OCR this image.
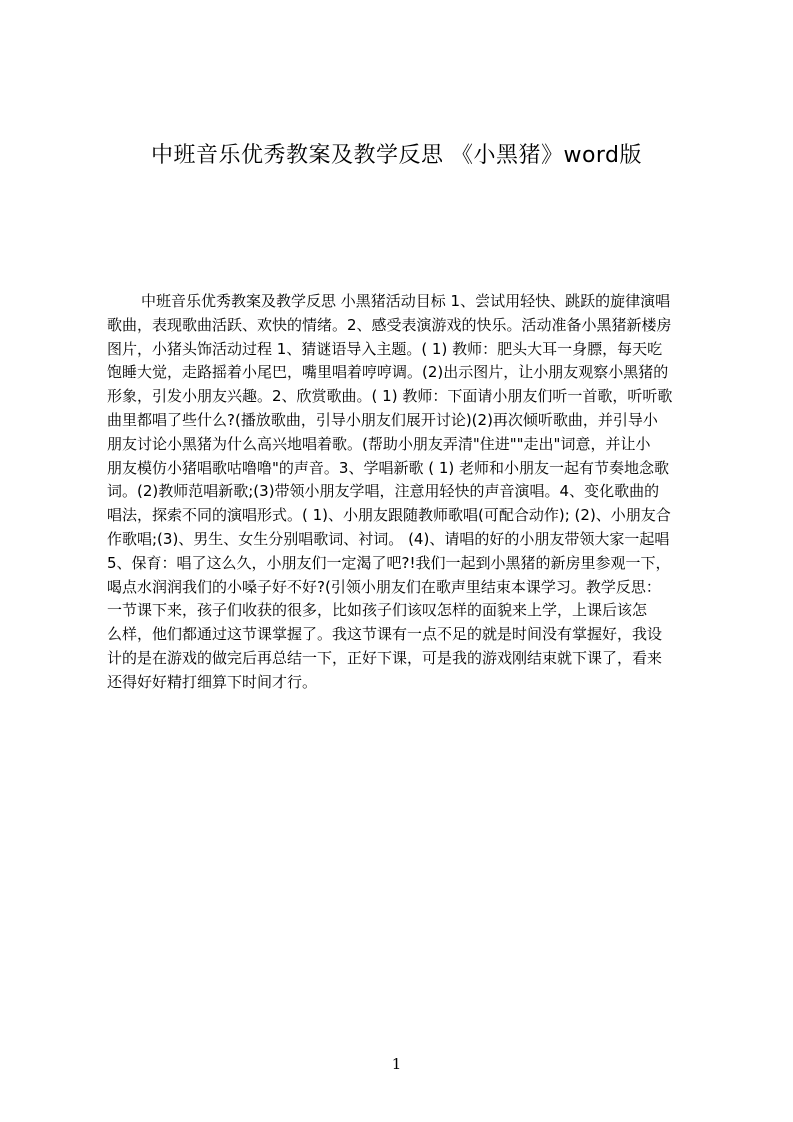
中班音乐优秀教案及教学反思 《小黑猪》word版
中班音乐优秀教案及教学反思 小黑猪活动目标 1、尝试用轻快、跳跃的旋律演唱
歌曲，表现歌曲活跃、欢快的情绪。2、感受表演游戏的快乐。活动准备小黑猪新楼房
图片，小猪头饰活动过程 1、猜谜语导入主题。( 1) 教师：肥头大耳一身膘，每天吃
饱睡大觉，走路摇着小尾巴，嘴里唱着哼哼调。(2)出示图片，让小朋友观察小黑猪的
形象，引发小朋友兴趣。2、欣赏歌曲。( 1) 教师：下面请小朋友们听一首歌，听听歌
曲里都唱了些什么?(播放歌曲，引导小朋友们展开讨论)(2)再次倾听歌曲，并引导小
朋友讨论小黑猪为什么高兴地唱着歌。(帮助小朋友弄清"住进""走出"词意，并让小
朋友模仿小猪唱歌咕噜噜"的声音。3、学唱新歌 ( 1) 老师和小朋友一起有节奏地念歌
词。(2)教师范唱新歌;(3)带领小朋友学唱，注意用轻快的声音演唱。4、变化歌曲的
唱法，探索不同的演唱形式。( 1)、小朋友跟随教师歌唱(可配合动作); (2)、小朋友合
作歌唱;(3)、男生、女生分别唱歌词、衬词。 (4)、请唱的好的小朋友带领大家一起唱
5、保育：唱了这么久，小朋友们一定渴了吧?!我们一起到小黑猪的新房里参观一下，
喝点水润润我们的小嗓子好不好?(引领小朋友们在歌声里结束本课学习。教学反思：
一节课下来，孩子们收获的很多，比如孩子们该叹怎样的面貌来上学，上课后该怎
么样，他们都通过这节课掌握了。我这节课有一点不足的就是时间没有掌握好，我设
计的是在游戏的做完后再总结一下，正好下课，可是我的游戏刚结束就下课了，看来
还得好好精打细算下时间才行。
1
